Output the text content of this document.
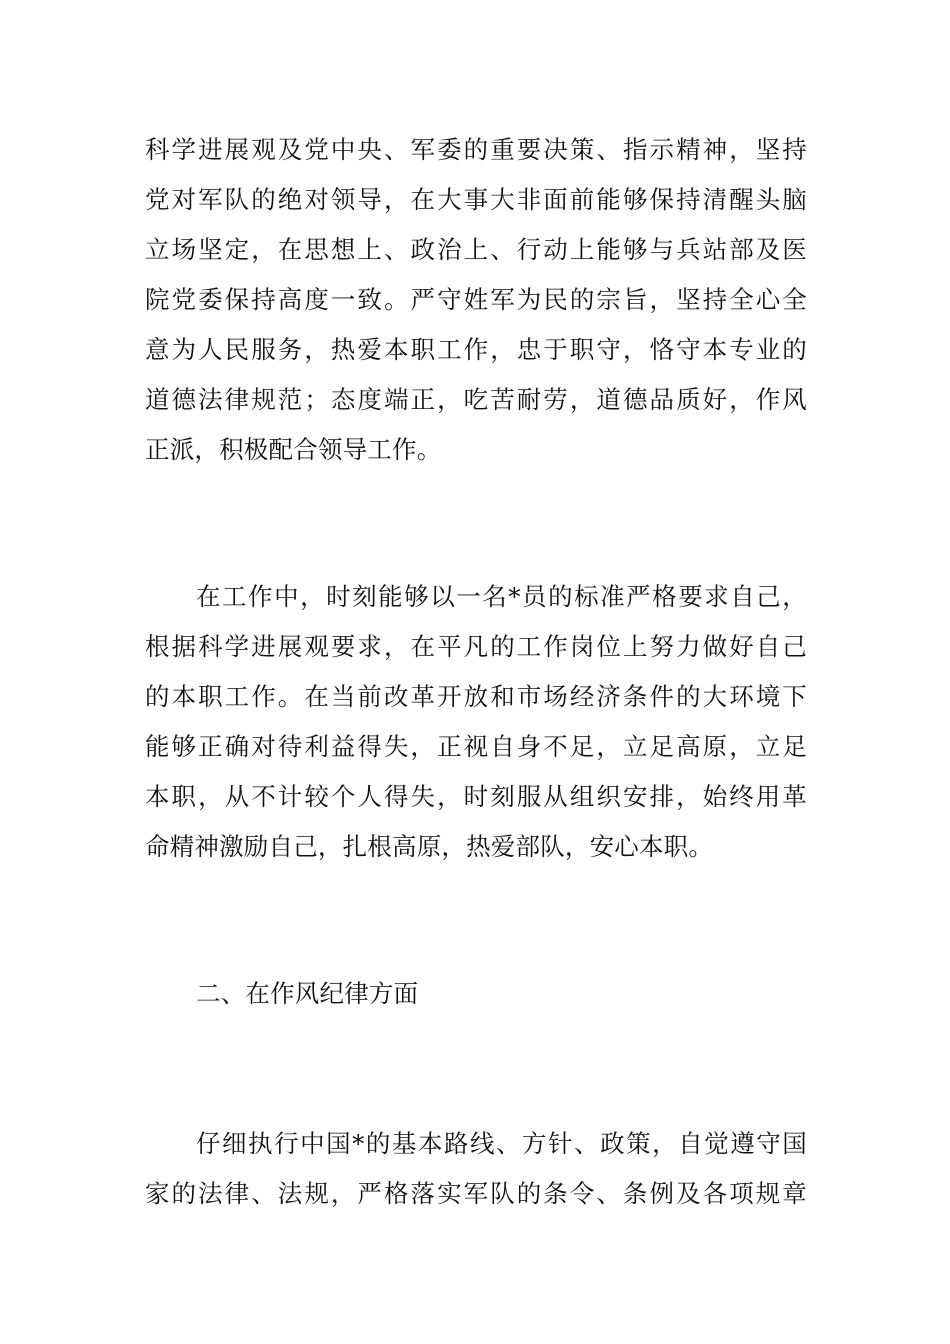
科学进展观及党中央、军委的重要决策、指示精神，坚持
党对军队的绝对领导，在大事大非面前能够保持清醒头脑
立场坚定，在思想上、政治上、行动上能够与兵站部及医
院党委保持高度一致。严守姓军为民的宗旨，坚持全心全
意为人民服务，热爱本职工作，忠于职守，恪守本专业的
道德法律规范；态度端正，吃苦耐劳，道德品质好，作风
正派，积极配合领导工作。
在工作中，时刻能够以一名*员的标准严格要求自己，
根据科学进展观要求，在平凡的工作岗位上努力做好自己
的本职工作。在当前改革开放和市场经济条件的大环境下
能够正确对待利益得失，正视自身不足，立足高原，立足
本职，从不计较个人得失，时刻服从组织安排，始终用革
命精神激励自己，扎根高原，热爱部队，安心本职。
二、在作风纪律方面
仔细执行中国*的基本路线、方针、政策，自觉遵守国
家的法律、法规，严格落实军队的条令、条例及各项规章
